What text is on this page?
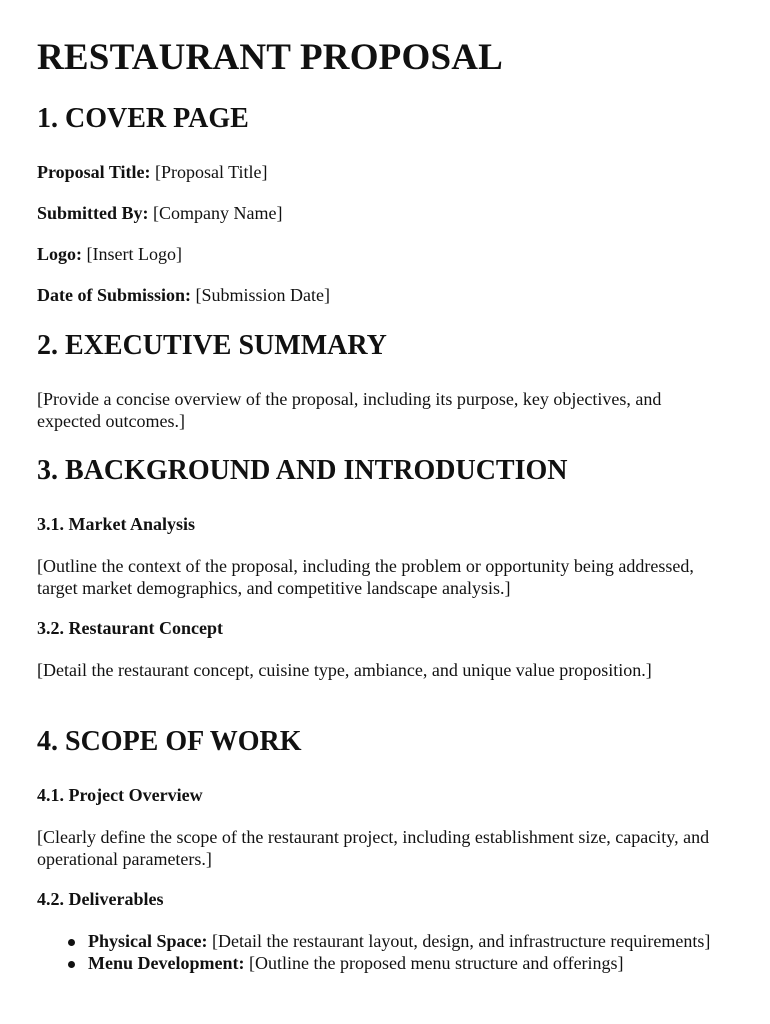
RESTAURANT PROPOSAL
1. COVER PAGE

Proposal Title: [Proposal Title]

Submitted By: [Company Name]

Logo: [Insert Logo]

Date of Submission: [Submission Date]

2. EXECUTIVE SUMMARY

[Provide a concise overview of the proposal, including its purpose, key objectives, and expected outcomes.]

3. BACKGROUND AND INTRODUCTION
3.1. Market Analysis

[Outline the context of the proposal, including the problem or opportunity being addressed, target market demographics, and competitive landscape analysis.]

3.2. Restaurant Concept

[Detail the restaurant concept, cuisine type, ambiance, and unique value proposition.]

4. SCOPE OF WORK
4.1. Project Overview

[Clearly define the scope of the restaurant project, including establishment size, capacity, and operational parameters.]

4.2. Deliverables
Physical Space: [Detail the restaurant layout, design, and infrastructure requirements]
Menu Development: [Outline the proposed menu structure and offerings]
